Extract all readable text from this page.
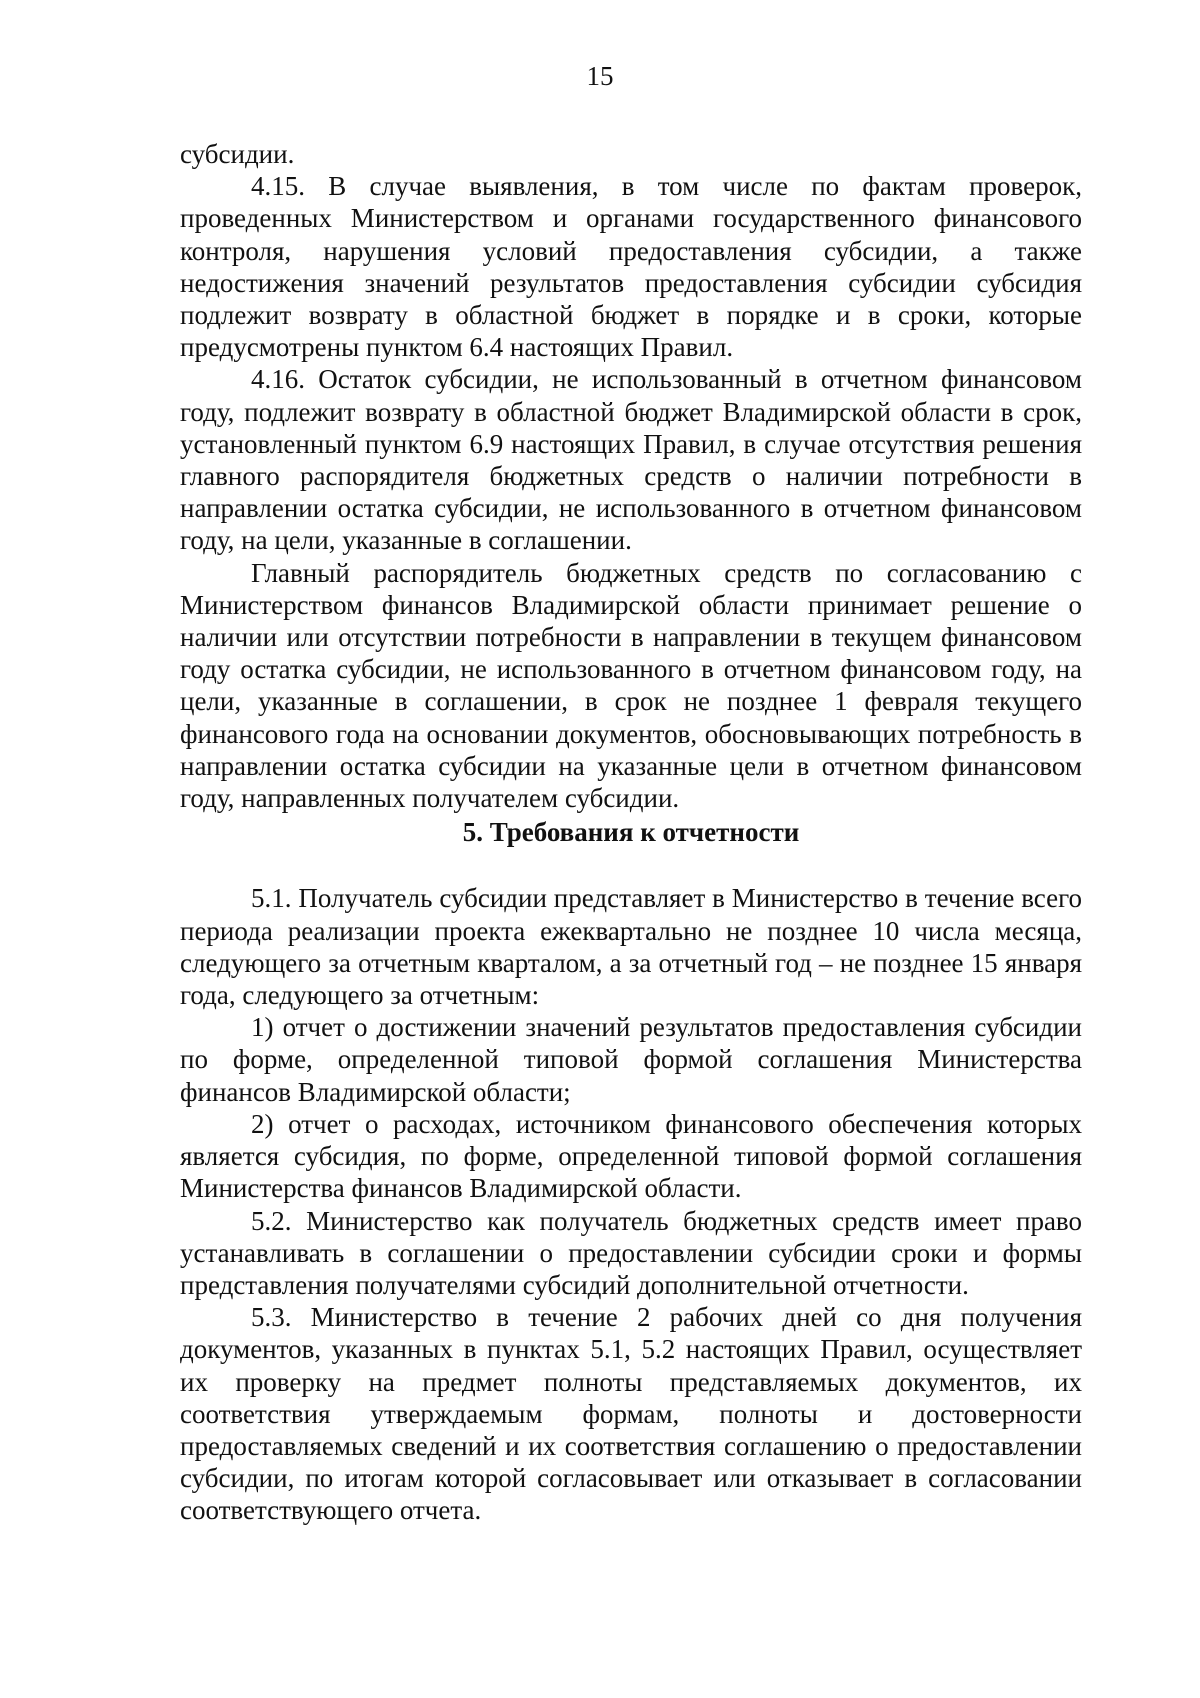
15

субсидии.

4.15. В случае выявления, в том числе по фактам проверок, проведенных Министерством и органами государственного финансового контроля, нарушения условий предоставления субсидии, а также недостижения значений результатов предоставления субсидии субсидия подлежит возврату в областной бюджет в порядке и в сроки, которые предусмотрены пунктом 6.4 настоящих Правил.

4.16. Остаток субсидии, не использованный в отчетном финансовом году, подлежит возврату в областной бюджет Владимирской области в срок, установленный пунктом 6.9 настоящих Правил, в случае отсутствия решения главного распорядителя бюджетных средств о наличии потребности в направлении остатка субсидии, не использованного в отчетном финансовом году, на цели, указанные в соглашении.

Главный распорядитель бюджетных средств по согласованию с Министерством финансов Владимирской области принимает решение о наличии или отсутствии потребности в направлении в текущем финансовом году остатка субсидии, не использованного в отчетном финансовом году, на цели, указанные в соглашении, в срок не позднее 1 февраля текущего финансового года на основании документов, обосновывающих потребность в направлении остатка субсидии на указанные цели в отчетном финансовом году, направленных получателем субсидии.

5. Требования к отчетности

5.1. Получатель субсидии представляет в Министерство в течение всего периода реализации проекта ежеквартально не позднее 10 числа месяца, следующего за отчетным кварталом, а за отчетный год – не позднее 15 января года, следующего за отчетным:

1) отчет о достижении значений результатов предоставления субсидии по форме, определенной типовой формой соглашения Министерства финансов Владимирской области;

2) отчет о расходах, источником финансового обеспечения которых является субсидия, по форме, определенной типовой формой соглашения Министерства финансов Владимирской области.

5.2. Министерство как получатель бюджетных средств имеет право устанавливать в соглашении о предоставлении субсидии сроки и формы представления получателями субсидий дополнительной отчетности.

5.3. Министерство в течение 2 рабочих дней со дня получения документов, указанных в пунктах 5.1, 5.2 настоящих Правил, осуществляет их проверку на предмет полноты представляемых документов, их соответствия утверждаемым формам, полноты и достоверности предоставляемых сведений и их соответствия соглашению о предоставлении субсидии, по итогам которой согласовывает или отказывает в согласовании соответствующего отчета.
